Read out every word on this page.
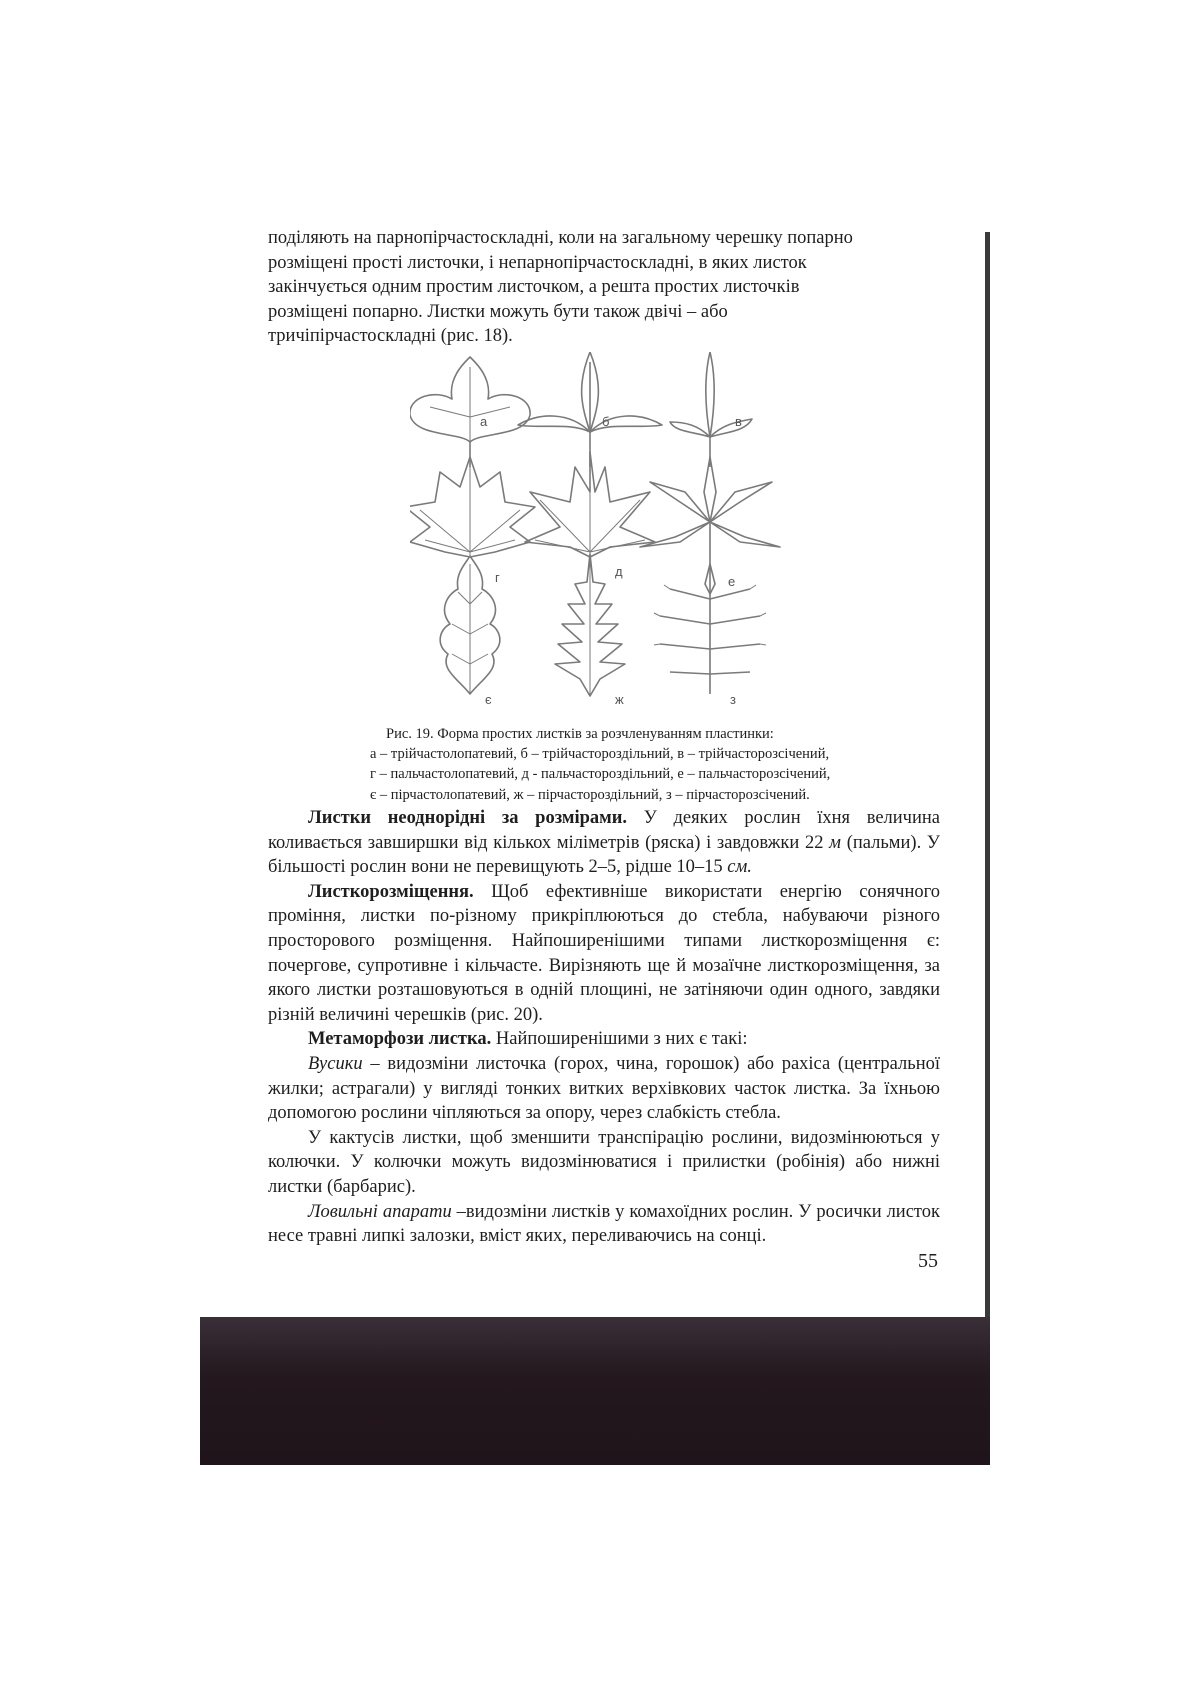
поділяють на парнопірчастоскладні, коли на загальному черешку попарно

розміщені прості листочки, і непарнопірчастоскладні, в яких листок

закінчується одним простим листочком, а решта простих листочків

розміщені попарно. Листки можуть бути також двічі – або

тричіпірчастоскладні (рис. 18).

а	б	в
г	д
е
є	ж	з
Рис. 19. Форма простих листків за розчленуванням пластинки:
а – трійчастолопатевий, б – трійчастороздільний, в – трійчасторозсічений,
г – пальчастолопатевий, д - пальчастороздільний, е – пальчасторозсічений,
є – пірчастолопатевий, ж – пірчастороздільний, з – пірчасторозсічений.

Листки неоднорідні за розмірами. У деяких рослин їхня величина коливається завширшки від кількох міліметрів (ряска) і завдовжки 22 м (пальми). У більшості рослин вони не перевищують 2–5, рідше 10–15 см.

Листкорозміщення. Щоб ефективніше використати енергію сонячного проміння, листки по-різному прикріплюються до стебла, набуваючи різного просторового розміщення. Найпоширенішими типами листкорозміщення є: почергове, супротивне і кільчасте. Вирізняють ще й мозаїчне листкорозміщення, за якого листки розташовуються в одній площині, не затіняючи один одного, завдяки різній величині черешків (рис. 20).

Метаморфози листка. Найпоширенішими з них є такі:

Вусики – видозміни листочка (горох, чина, горошок) або рахіса (центральної жилки; астрагали) у вигляді тонких витких верхівкових часток листка. За їхньою допомогою рослини чіпляються за опору, через слабкість стебла.

У кактусів листки, щоб зменшити транспірацію рослини, видозмінюються у колючки. У колючки можуть видозмінюватися і прилистки (робінія) або нижні листки (барбарис).

Ловильні апарати –видозміни листків у комахоїдних рослин. У росички листок несе травні липкі залозки, вміст яких, переливаючись на сонці.

55
